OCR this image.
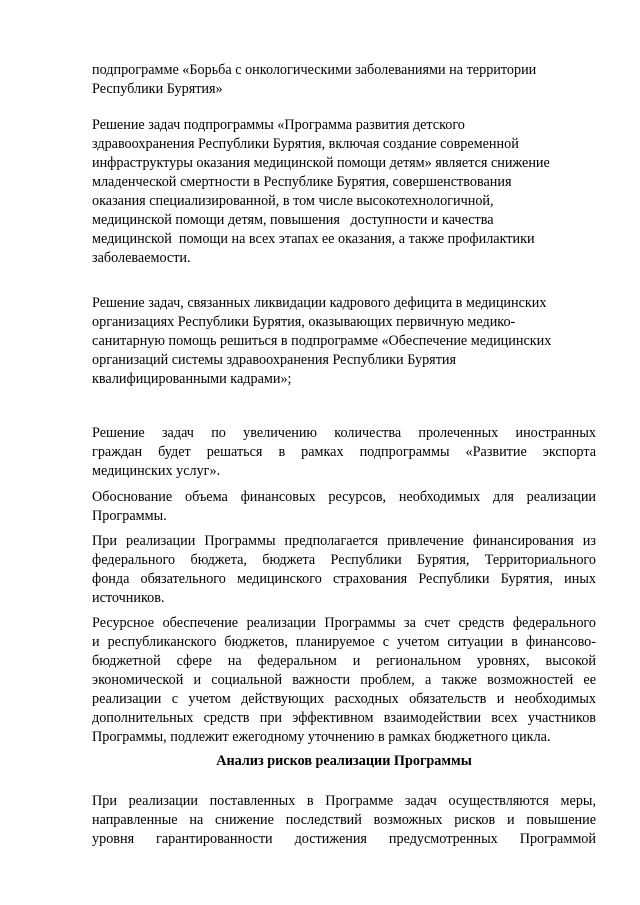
подпрограмме «Борьба с онкологическими заболеваниями на территории
Республики Бурятия»

Решение задач подпрограммы «Программа развития детского
здравоохранения Республики Бурятия, включая создание современной
инфраструктуры оказания медицинской помощи детям» является снижение
младенческой смертности в Республике Бурятия, совершенствования
оказания специализированной, в том числе высокотехнологичной,
медицинской помощи детям, повышения   доступности и качества
медицинской  помощи на всех этапах ее оказания, а также профилактики
заболеваемости.

Решение задач, связанных ликвидации кадрового дефицита в медицинских
организациях Республики Бурятия, оказывающих первичную медико-
санитарную помощь решиться в подпрограмме «Обеспечение медицинских
организаций системы здравоохранения Республики Бурятия
квалифицированными кадрами»;

Решение задач по увеличению количества пролеченных иностранных
граждан будет решаться в рамках подпрограммы «Развитие экспорта
медицинских услуг».

Обоснование объема финансовых ресурсов, необходимых для реализации
Программы.

При реализации Программы предполагается привлечение финансирования из
федерального бюджета, бюджета Республики Бурятия, Территориального
фонда обязательного медицинского страхования Республики Бурятия, иных
источников.

Ресурсное обеспечение реализации Программы за счет средств федерального
и республиканского бюджетов, планируемое с учетом ситуации в финансово-
бюджетной сфере на федеральном и региональном уровнях, высокой
экономической и социальной важности проблем, а также возможностей ее
реализации с учетом действующих расходных обязательств и необходимых
дополнительных средств при эффективном взаимодействии всех участников
Программы, подлежит ежегодному уточнению в рамках бюджетного цикла.

Анализ рисков реализации Программы

При реализации поставленных в Программе задач осуществляются меры,
направленные на снижение последствий возможных рисков и повышение
уровня гарантированности достижения предусмотренных Программой
